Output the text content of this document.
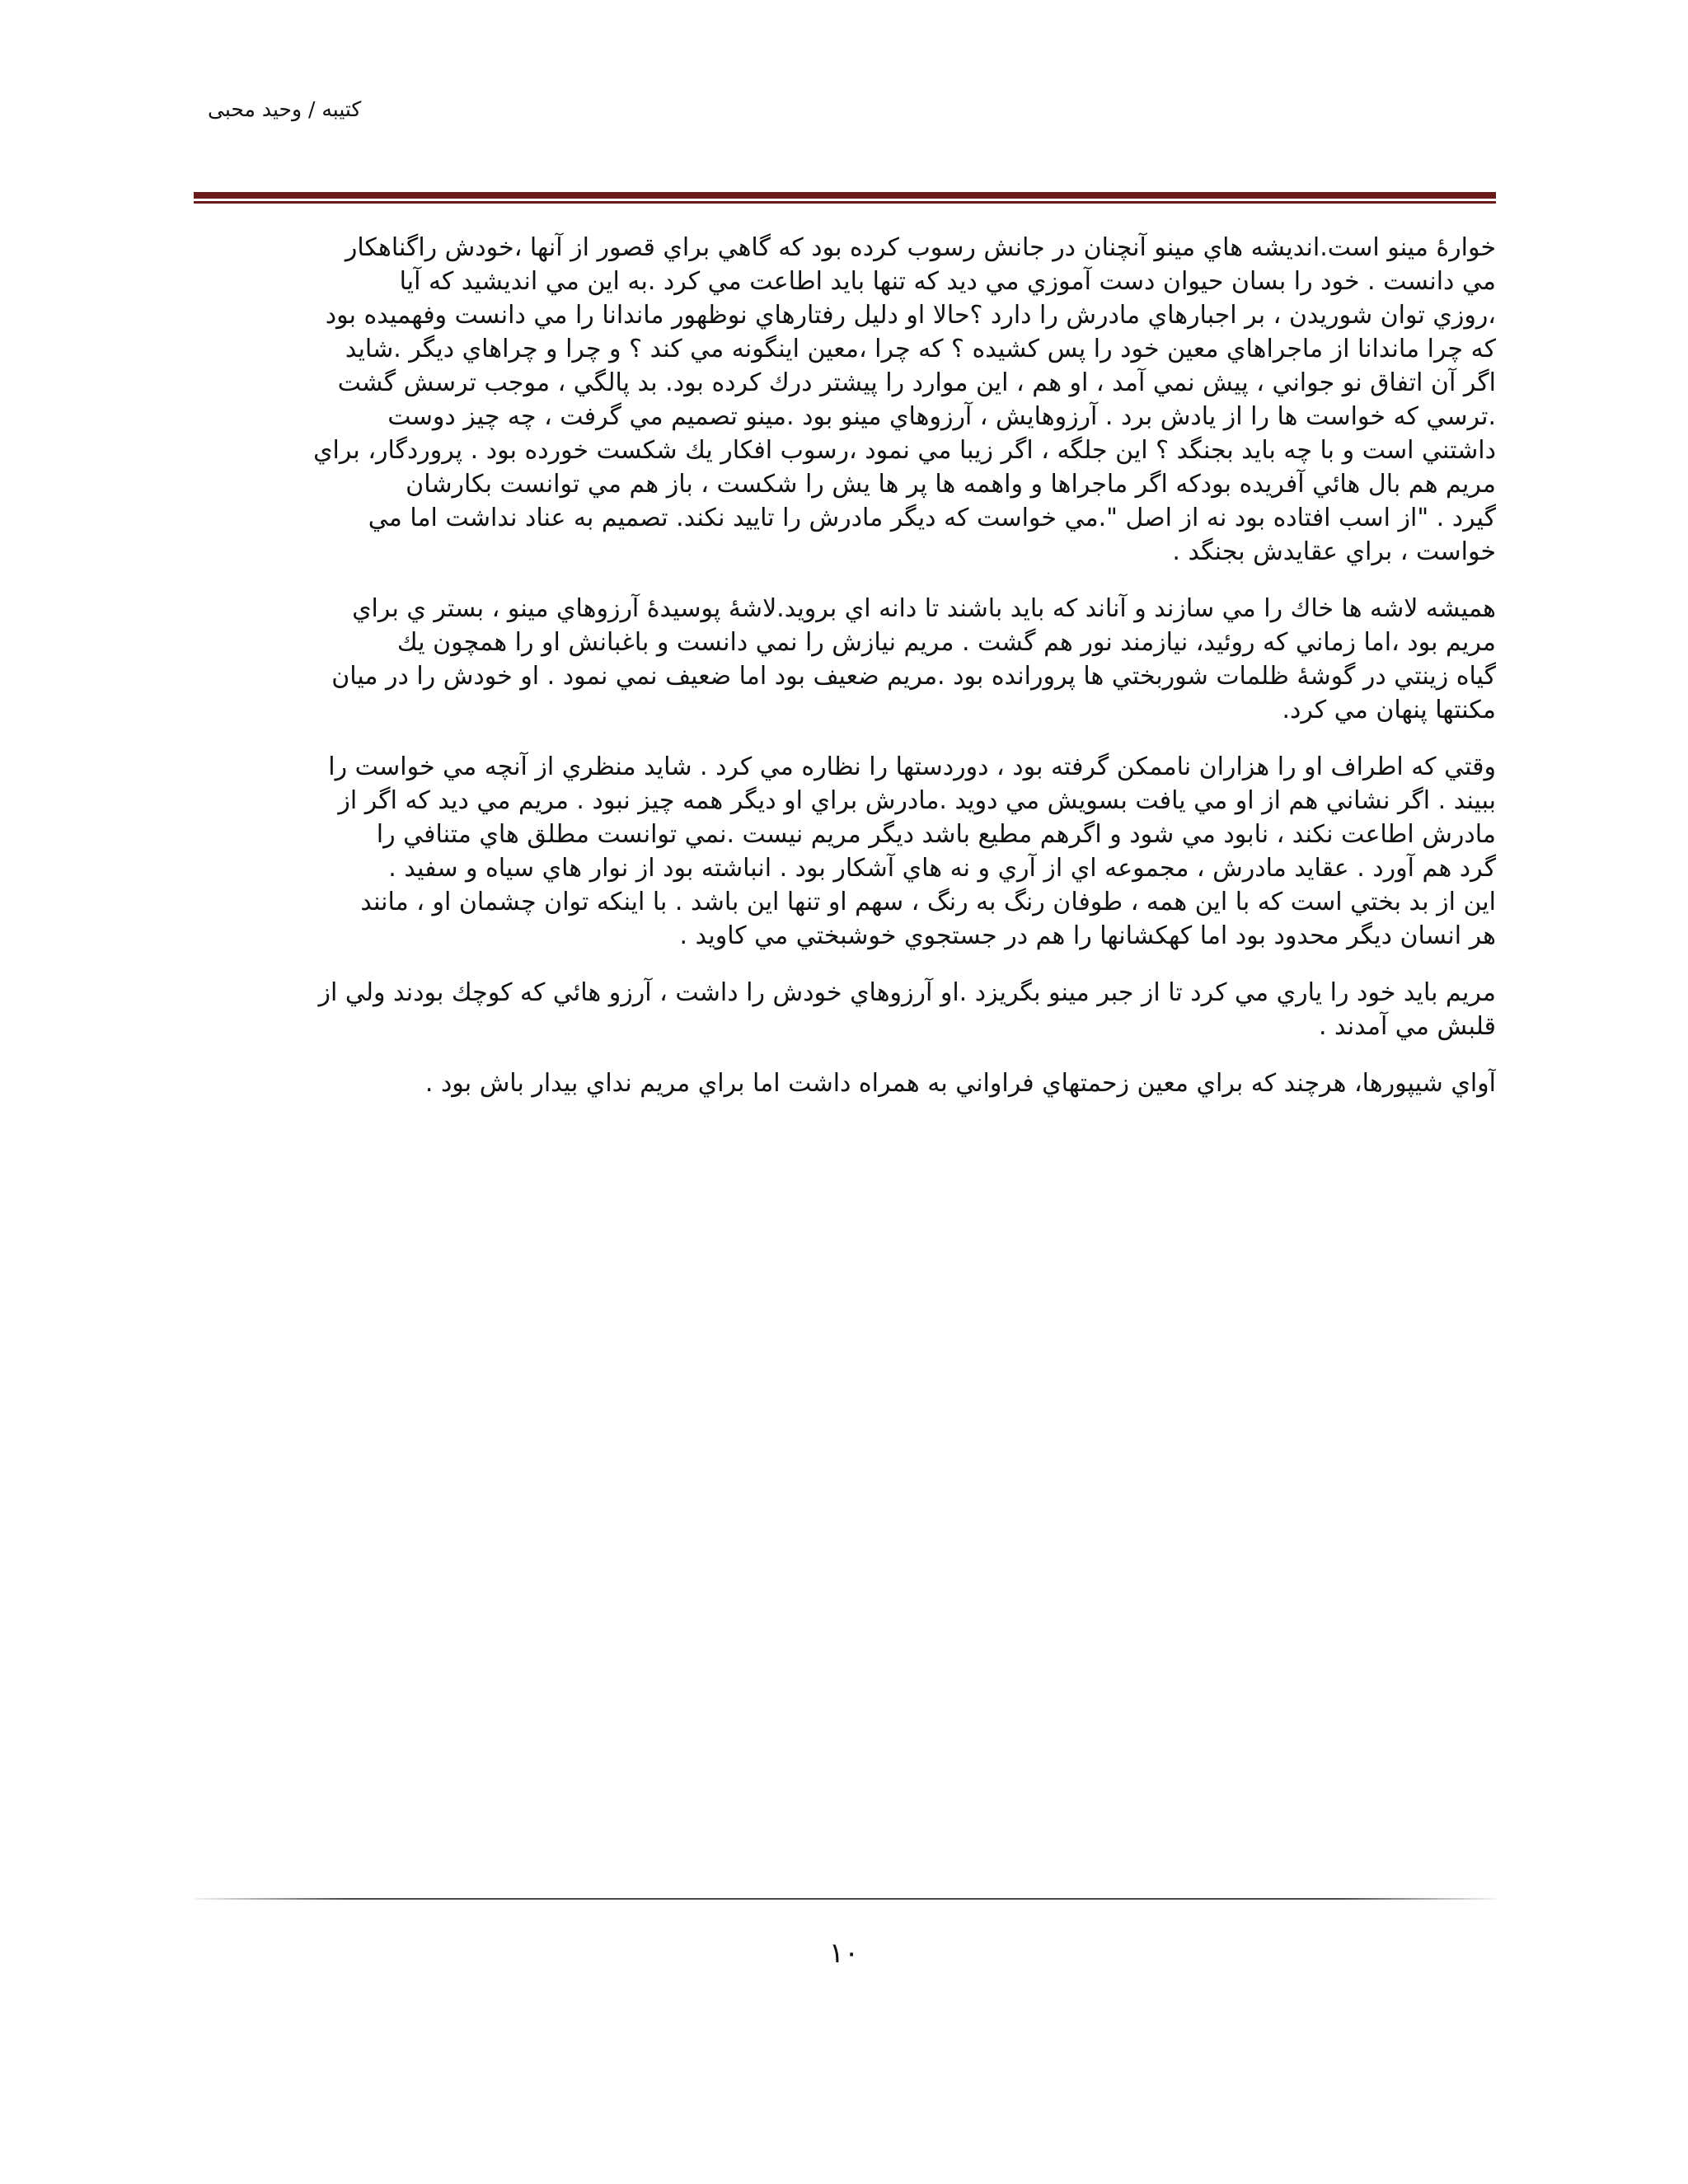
کتیبه / وحید محبی
خوارۀ مينو است.انديشه هاي مينو آنچنان در جانش رسوب كرده بود كه گاهي براي قصور از آنها ،خودش راگناهكار
مي دانست . خود را بسان حيوان دست آموزي مي ديد كه تنها بايد اطاعت مي كرد .به اين مي انديشيد كه آيا
،روزي توان شوريدن ، بر اجبارهاي مادرش را دارد ؟حالا او دليل رفتارهاي نوظهور ماندانا را مي دانست وفهميده بود
كه چرا ماندانا از ماجراهاي معين خود را پس كشيده ؟ كه چرا ،معين اينگونه مي كند ؟ و چرا و چراهاي ديگر .شايد
اگر آن اتفاق نو جواني ، پيش نمي آمد ، او هم ، اين موارد را پيشتر درك كرده بود. بد پالگي ، موجب ترسش گشت
.ترسي كه خواست ها را از يادش برد . آرزوهايش ، آرزوهاي مينو بود .مينو تصميم مي گرفت ، چه چيز دوست
داشتني است و با چه بايد بجنگد ؟ اين جلگه ، اگر زيبا مي نمود ،رسوب افكار يك شكست خورده بود . پروردگار، براي
مريم هم بال هائي آفريده بودكه اگر ماجراها و واهمه ها پر ها يش را شكست ، باز هم مي توانست بكارشان
گيرد . "از اسب افتاده بود نه از اصل ".مي خواست كه ديگر مادرش را تاييد نكند. تصميم به عناد نداشت اما مي
خواست ، براي عقايدش بجنگد .
هميشه لاشه ها خاك را مي سازند و آناند كه بايد باشند تا دانه اي برويد.لاشۀ پوسيدۀ آرزوهاي مينو ، بستر ي براي
مريم بود ،اما زماني كه روئيد، نيازمند نور هم گشت . مريم نيازش را نمي دانست و باغبانش او را همچون يك
گياه زينتي در گوشۀ ظلمات شوربختي ها پرورانده بود .مريم ضعيف بود اما ضعيف نمي نمود . او خودش را در ميان
مكنتها پنهان مي كرد.
وقتي كه اطراف او را هزاران ناممكن گرفته بود ، دوردستها را نظاره مي كرد . شايد منظري از آنچه مي خواست را
ببيند . اگر نشاني هم از او مي يافت بسويش مي دويد .مادرش براي او ديگر همه چيز نبود . مريم مي ديد كه اگر از
مادرش اطاعت نكند ، نابود مي شود و اگرهم مطيع باشد ديگر مريم نيست .نمي توانست مطلق هاي متنافي را
گرد هم آورد . عقايد مادرش ، مجموعه اي از آري و نه هاي آشكار بود . انباشته بود از نوار هاي سياه و سفيد .
اين از بد بختي است كه با اين همه ، طوفان رنگ به رنگ ، سهم او تنها اين باشد . با اينكه توان چشمان او ، مانند
هر انسان ديگر محدود بود اما كهكشانها را هم در جستجوي خوشبختي مي كاويد .
مريم بايد خود را ياري مي كرد تا از جبر مينو بگريزد .او آرزوهاي خودش را داشت ، آرزو هائي كه كوچك بودند ولي از
قلبش مي آمدند .
آواي شيپورها، هرچند كه براي معين زحمتهاي فراواني به همراه داشت اما براي مريم نداي بيدار باش بود .
۱۰
